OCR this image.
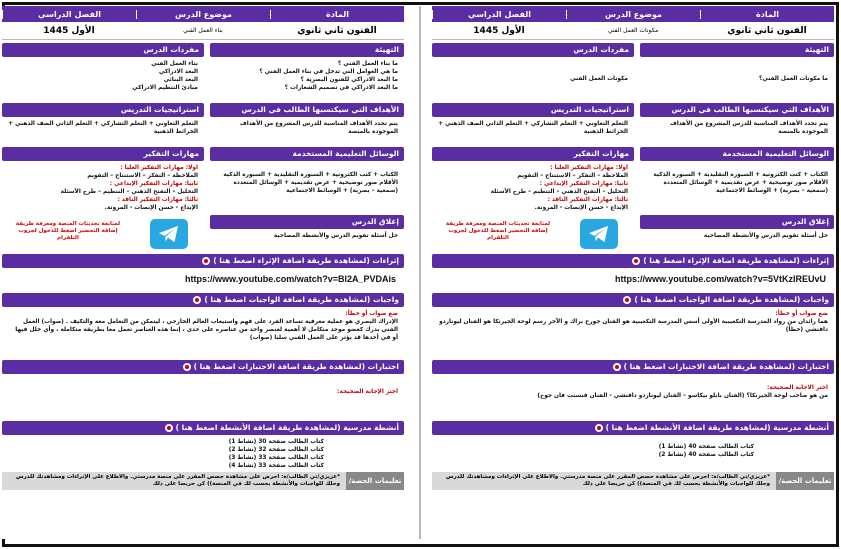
المادة
موضوع الدرس
الفصل الدراسي
الفنون ثاني ثانوي
بناء العمل الفني
الأول 1445
التهيئة
ما بناء العمل الفني ؟
ما هي العوامل التي تدخل في بناء العمل الفني ؟
ما البعد الادراكي للفنون البصرية ؟
ما البعد الادراكي في تصميم الشعارات ؟
الأهداف التي سيكتسبها الطالب في الدرس
يتم تحدد الأهداف المناسبة للدرس المشروع من الأهداف الموجودة بالمنصة
الوسائل التعليمية المستخدمة
الكتاب + كتب الكترونية + السبورة التقليدية + السبورة الذكية الأقلام صور توضيحية + عرض تقديمية + الوسائل المتعددة (سمعية – بصرية) + الوسائط الاجتماعية
إغلاق الدرس
حل أسئلة تقويم الدرس والأنشطة المصاحبة
مفردات الدرس
بناء العمل الفني
البعد الادراكي
البعد البنائي
مبادئ التنظيم الادراكي
استراتيجيات التدريس
التعلم التعاوني + التعلم التشاركي + التعلم الذاتي الصف الذهني + الخرائط الذهنية
مهارات التفكير
اولا: مهارات التفكير العليا :
الملاحظة – التفكر – الاستنتاج – التقويم
ثانيا: مهارات التفكير الإبداعي :
التحليل – التفتح الذهني – التنظيم – طرح الأسئلة
ثالثا: مهارات التفكير الناقد :
الإبداع - حسن الإنصات - المرونة.
لمتابعة تحديثات المنصة ومعرفة طريقة إضافة التحضير اضغط للدخول لجروب التلقرام
إثراءات (لمشاهدة طريقة اضافة الإثراء اضغط هنا )
https://www.youtube.com/watch?v=Bl2A_PVDAis
واجبات (لمشاهدة طريقة اضافة الواجبات اضغط هنا )
ضع صواب أو خطأ:
الإدراك البصري هو عملية معرفية تساعد الفرد على فهم واستيعاب العالم الخارجي ، ليتمكن من التعامل معه والتكيف . (صواب) العمل الفني يدرك كعضو موحد متكامل لا أهمية لعنصر واحد من عناصره على حدى ، إنما هذه العناصر تعمل معا بطريقة متكاملة ، وأي خلل فيها أو في أحدها قد يؤثر على العمل الفني سلبا (صواب)
اختبارات (لمشاهدة طريقة اضافة الاختبارات اضغط هنا )
اختر الإجابة الصحيحة:
أنشطة مدرسية (لمشاهدة طريقة اضافة الأنشطة اضغط هنا )
كتاب الطالب صفحة 30 (نشاط 1)
كتاب الطالب صفحة 32 (نشاط 2)
كتاب الطالب صفحة 33 (نشاط 3)
كتاب الطالب صفحة 33 (نشاط 4)
تعليمات الحصة/
*عزيزي/تي الطالب/ة: احرص على مشاهدة حصص المقرر على منصة مدرستي. والاطلاع على الإثراءات ومشاهدتك للدرس وحلك للواجبات والأنشطة يحسب لك في المنصة)) كن حريصا على ذلك
المادة
موضوع الدرس
الفصل الدراسي
الفنون ثاني ثانوي
مكونات العمل الفني
الأول 1445
التهيئة
ما مكونات العمل الفني؟
الأهداف التي سيكتسبها الطالب في الدرس
يتم تحدد الأهداف المناسبة للدرس المشروع من الأهداف الموجودة بالمنصة
الوسائل التعليمية المستخدمة
الكتاب + كتب الكترونية + السبورة التقليدية + السبورة الذكية الأقلام صور توضيحية + عرض تقديمية + الوسائل المتعددة (سمعية – بصرية) + الوسائط الاجتماعية
إغلاق الدرس
حل أسئلة تقويم الدرس والأنشطة المصاحبة
مفردات الدرس
مكونات العمل الفني
استراتيجيات التدريس
التعلم التعاوني + التعلم التشاركي + التعلم الذاتي الصف الذهني + الخرائط الذهنية
مهارات التفكير
اولا: مهارات التفكير العليا :
الملاحظة – التفكر – الاستنتاج – التقويم
ثانيا: مهارات التفكير الإبداعي :
التحليل – التفتح الذهني – التنظيم – طرح الأسئلة
ثالثا: مهارات التفكير الناقد :
الإبداع - حسن الإنصات - المرونة.
لمتابعة تحديثات المنصة ومعرفة طريقة إضافة التحضير اضغط للدخول لجروب التلقرام
إثراءات (لمشاهدة طريقة اضافة الإثراء اضغط هنا )
https://www.youtube.com/watch?v=5VtKzIREUvU
واجبات (لمشاهدة طريقة اضافة الواجبات اضغط هنا )
ضع صواب أو خطأ:
هما رائدان من رواد المدرسة التكعيبية الأولى أسس المدرسة التكعيبية هو الفنان جورج براك و الآخر رسم لوحة الجيرنكا هو الفنان ليوناردو دافنشي (خطأ)
اختبارات (لمشاهدة طريقة اضافة الاختبارات اضغط هنا )
اختر الاجابة الصحيحة:
من هو صاحب لوحة الجيرنكا؟ (الفنان بابلو بيكاسو – الفنان ليوناردو دافنشي - الفنان فنسنت فان جوخ)
أنشطة مدرسية (لمشاهدة طريقة اضافة الأنشطة اضغط هنا )
كتاب الطالب صفحة 40 (نشاط 1)
كتاب الطالب صفحة 40 (نشاط 2)
تعليمات الحصة/
*عزيزي/تي الطالب/ة: احرص على مشاهدة حصص المقرر على منصة مدرستي. والاطلاع على الإثراءات ومشاهدتك للدرس وحلك للواجبات والأنشطة يحسب لك في المنصة)) كن حريصا على ذلك
